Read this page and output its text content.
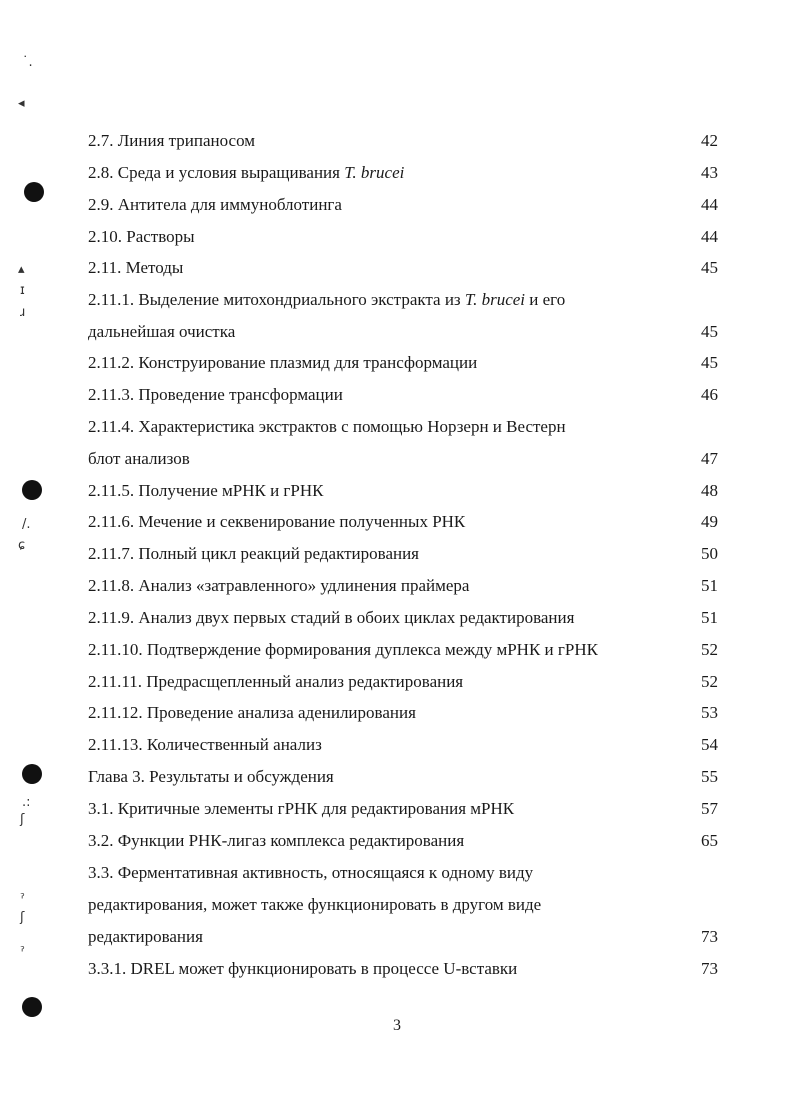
˙.
◂
▴
ɪ
ɹ
/.
ɕ
.:
ʃ
ˀ
ʃ
ˀ
2.7. Линия трипаносом	42
2.8. Среда и условия выращивания T. brucei	43
2.9. Антитела для иммуноблотинга	44
2.10. Растворы	44
2.11. Методы	45
2.11.1. Выделение митохондриального экстракта из T. brucei и его
дальнейшая очистка	45
2.11.2. Конструирование плазмид для трансформации	45
2.11.3. Проведение трансформации	46
2.11.4. Характеристика экстрактов с помощью Норзерн и Вестерн
блот анализов	47
2.11.5. Получение мРНК и гРНК	48
2.11.6. Мечение и секвенирование полученных РНК	49
2.11.7. Полный цикл реакций редактирования	50
2.11.8. Анализ «затравленного» удлинения праймера	51
2.11.9. Анализ двух первых стадий в обоих циклах редактирования	51
2.11.10. Подтверждение формирования дуплекса между мРНК и гРНК	52
2.11.11. Предрасщепленный анализ редактирования	52
2.11.12. Проведение анализа аденилирования	53
2.11.13. Количественный анализ	54
Глава 3. Результаты и обсуждения	55
3.1. Критичные элементы гРНК для редактирования мРНК	57
3.2. Функции РНК-лигаз комплекса редактирования	65
3.3. Ферментативная активность, относящаяся к одному виду
редактирования, может также функционировать в другом виде
редактирования	73
3.3.1. DREL может функционировать в процессе U-вставки	73
3
